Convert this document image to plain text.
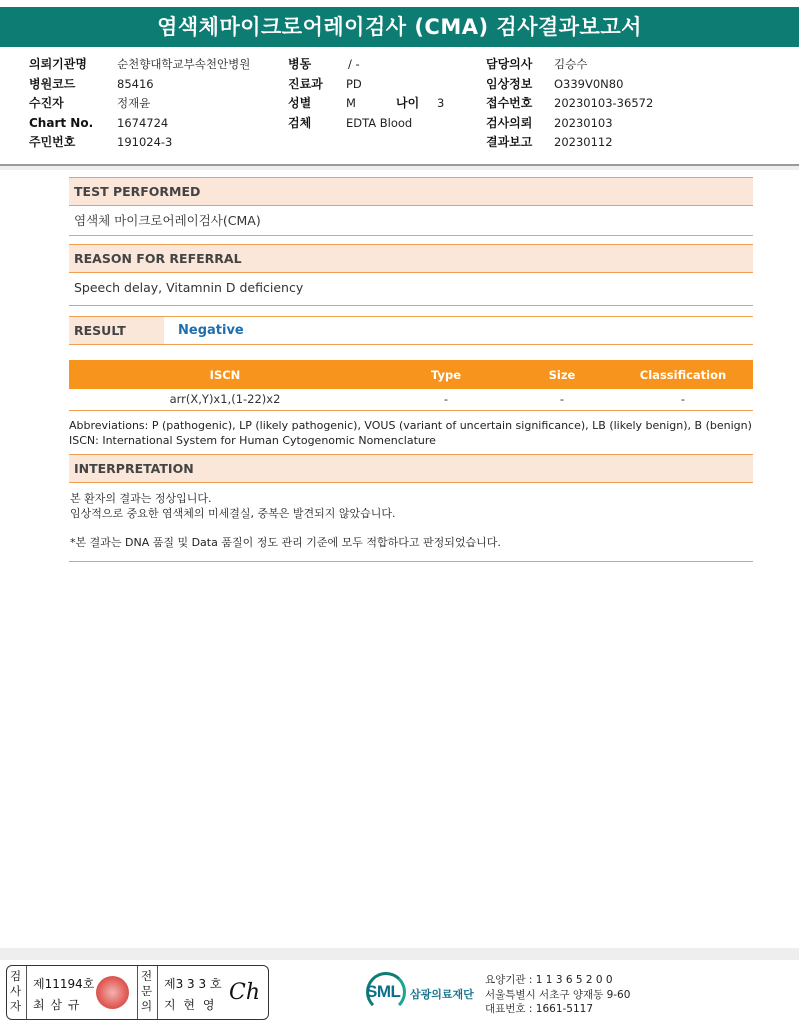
염색체마이크로어레이검사 (CMA) 검사결과보고서
의뢰기관명	순천향대학교부속천안병원
병원코드	85416
수진자	정재윤
Chart No. 1674724
주민번호	191024-3
병동	/ -
진료과 PD
성별	M	나이 3
검체	EDTA Blood
담당의사 김승수
임상정보 O339V0N80
접수번호 20230103-36572
검사의뢰 20230103
결과보고 20230112
TEST PERFORMED
염색체 마이크로어레이검사(CMA)
REASON FOR REFERRAL
Speech delay, Vitamnin D deficiency
RESULT	Negative
ISCN	Type	Size	Classification
arr(X,Y)x1,(1-22)x2	-	-	-
Abbreviations: P (pathogenic), LP (likely pathogenic), VOUS (variant of uncertain significance), LB (likely benign), B (benign)
ISCN: International System for Human Cytogenomic Nomenclature
INTERPRETATION
본 환자의 결과는 정상입니다.
임상적으로 중요한 염색체의 미세결실, 중복은 발견되지 않았습니다.
*본 결과는 DNA 품질 및 Data 품질이 정도 관리 기준에 모두 적합하다고 판정되었습니다.
검사자
제11194호
최 삼 규
전문의
제3 3 3 호
지 현 영 Ch	SML 삼광의료재단
요양기관 : 1 1 3 6 5 2 0 0
서울특별시 서초구 양재동 9-60
대표번호 : 1661-5117
